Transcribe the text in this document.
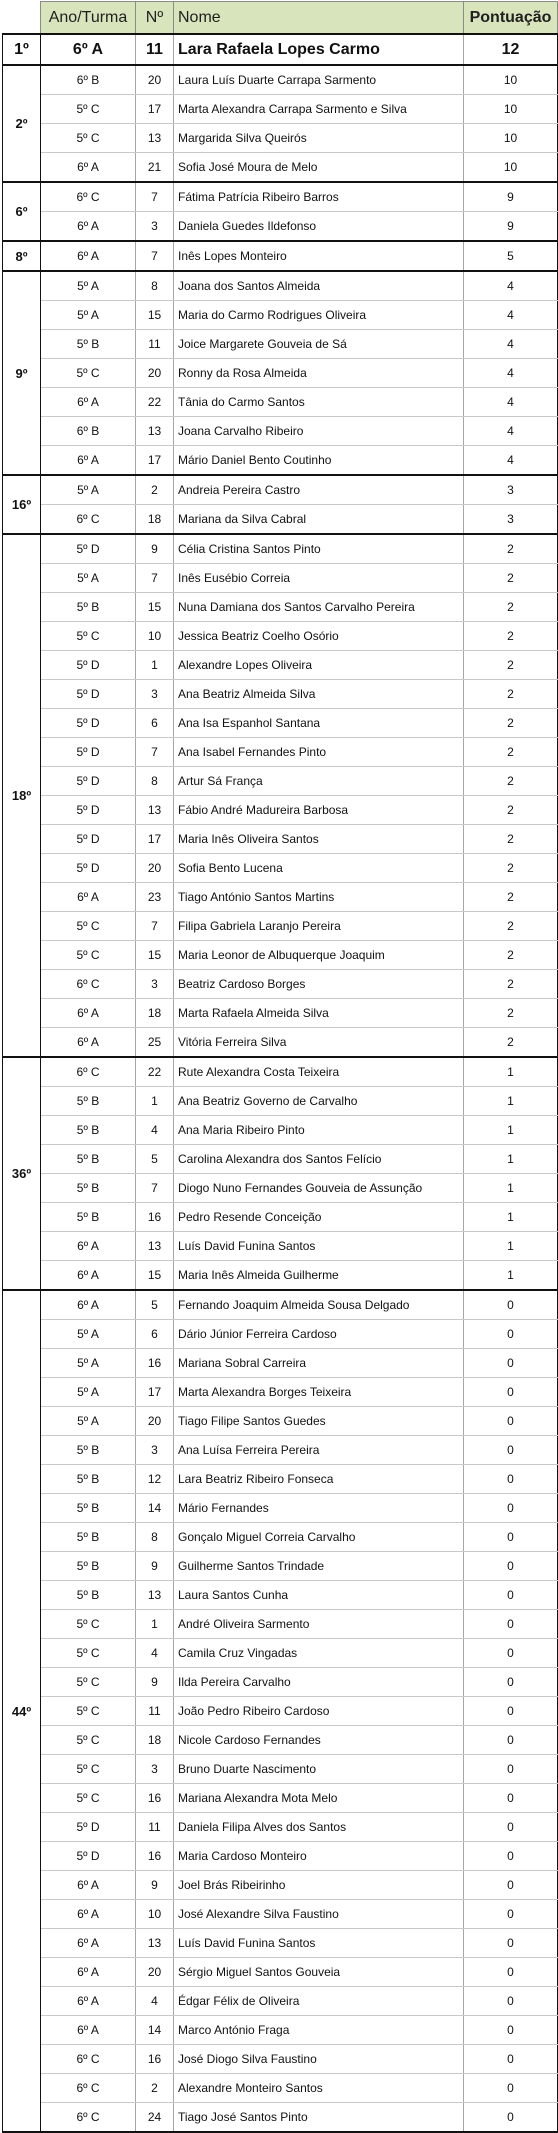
	Ano/Turma	Nº	Nome	Pontuação
1º	6º A	11	Lara Rafaela Lopes Carmo	12
2º	6º B	20	Laura Luís Duarte Carrapa Sarmento	10
	5º C	17	Marta Alexandra Carrapa Sarmento e Silva	10
	5º C	13	Margarida Silva Queirós	10
	6º A	21	Sofia José Moura de Melo	10
6º	6º C	7	Fátima Patrícia Ribeiro Barros	9
	6º A	3	Daniela Guedes Ildefonso	9
8º	6º A	7	Inês Lopes Monteiro	5
9º	5º A	8	Joana dos Santos Almeida	4
	5º A	15	Maria do Carmo Rodrigues Oliveira	4
	5º B	11	Joice Margarete Gouveia de Sá	4
	5º C	20	Ronny da Rosa Almeida	4
	6º A	22	Tânia do Carmo Santos	4
	6º B	13	Joana Carvalho Ribeiro	4
	6º A	17	Mário Daniel Bento Coutinho	4
16º	5º A	2	Andreia Pereira Castro	3
	6º C	18	Mariana da Silva Cabral	3
18º	5º D	9	Célia Cristina Santos Pinto	2
	5º A	7	Inês Eusébio Correia	2
	5º B	15	Nuna Damiana dos Santos Carvalho Pereira	2
	5º C	10	Jessica Beatriz Coelho Osório	2
	5º D	1	Alexandre Lopes Oliveira	2
	5º D	3	Ana Beatriz Almeida Silva	2
	5º D	6	Ana Isa Espanhol Santana	2
	5º D	7	Ana Isabel Fernandes Pinto	2
	5º D	8	Artur Sá França	2
	5º D	13	Fábio André Madureira Barbosa	2
	5º D	17	Maria Inês Oliveira Santos	2
	5º D	20	Sofia Bento Lucena	2
	6º A	23	Tiago António Santos Martins	2
	5º C	7	Filipa Gabriela Laranjo Pereira	2
	5º C	15	Maria Leonor de Albuquerque Joaquim	2
	6º C	3	Beatriz Cardoso Borges	2
	6º A	18	Marta Rafaela Almeida Silva	2
	6º A	25	Vitória Ferreira Silva	2
36º	6º C	22	Rute Alexandra Costa Teixeira	1
	5º B	1	Ana Beatriz Governo de Carvalho	1
	5º B	4	Ana Maria Ribeiro Pinto	1
	5º B	5	Carolina Alexandra dos Santos Felício	1
	5º B	7	Diogo Nuno Fernandes Gouveia de Assunção	1
	5º B	16	Pedro Resende Conceição	1
	6º A	13	Luís David Funina Santos	1
	6º A	15	Maria Inês Almeida Guilherme	1
44º	6º A	5	Fernando Joaquim Almeida Sousa Delgado	0
	5º A	6	Dário Júnior Ferreira Cardoso	0
	5º A	16	Mariana Sobral Carreira	0
	5º A	17	Marta Alexandra Borges Teixeira	0
	5º A	20	Tiago Filipe Santos Guedes	0
	5º B	3	Ana Luísa Ferreira Pereira	0
	5º B	12	Lara Beatriz Ribeiro Fonseca	0
	5º B	14	Mário Fernandes	0
	5º B	8	Gonçalo Miguel Correia Carvalho	0
	5º B	9	Guilherme Santos Trindade	0
	5º B	13	Laura Santos Cunha	0
	5º C	1	André Oliveira Sarmento	0
	5º C	4	Camila Cruz Vingadas	0
	5º C	9	Ilda Pereira Carvalho	0
	5º C	11	João Pedro Ribeiro Cardoso	0
	5º C	18	Nicole Cardoso Fernandes	0
	5º C	3	Bruno Duarte Nascimento	0
	5º C	16	Mariana Alexandra Mota Melo	0
	5º D	11	Daniela Filipa Alves dos Santos	0
	5º D	16	Maria Cardoso Monteiro	0
	6º A	9	Joel Brás Ribeirinho	0
	6º A	10	José Alexandre Silva Faustino	0
	6º A	13	Luís David Funina Santos	0
	6º A	20	Sérgio Miguel Santos Gouveia	0
	6º A	4	Édgar Félix de Oliveira	0
	6º A	14	Marco António Fraga	0
	6º C	16	José Diogo Silva Faustino	0
	6º C	2	Alexandre Monteiro Santos	0
	6º C	24	Tiago José Santos Pinto	0
